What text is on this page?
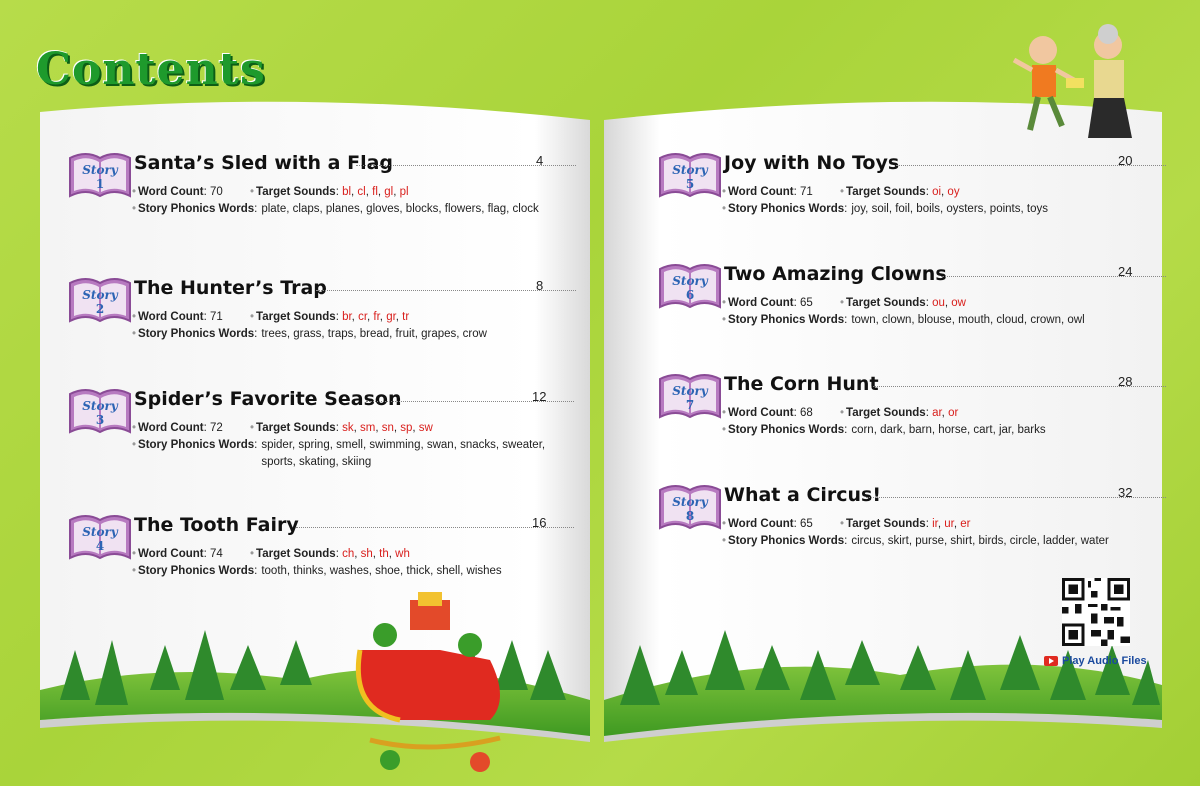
Contents
Story
1
Santa’s Sled with a Flag	4
• Word Count: 70	• Target Sounds: bl, cl, fl, gl, pl
• Story Phonics Words: plate, claps, planes, gloves, blocks, flowers, flag, clock
Story
2
The Hunter’s Trap	8
• Word Count: 71	• Target Sounds: br, cr, fr, gr, tr
• Story Phonics Words: trees, grass, traps, bread, fruit, grapes, crow
Story
3
Spider’s Favorite Season	12
• Word Count: 72	• Target Sounds: sk, sm, sn, sp, sw
• Story Phonics Words: spider, spring, smell, swimming, swan, snacks, sweater, sports, skating, skiing
Story
4
The Tooth Fairy	16
• Word Count: 74	• Target Sounds: ch, sh, th, wh
• Story Phonics Words: tooth, thinks, washes, shoe, thick, shell, wishes
Story
5
Joy with No Toys	20
• Word Count: 71	• Target Sounds: oi, oy
• Story Phonics Words: joy, soil, foil, boils, oysters, points, toys
Story
6
Two Amazing Clowns	24
• Word Count: 65	• Target Sounds: ou, ow
• Story Phonics Words: town, clown, blouse, mouth, cloud, crown, owl
Story
7
The Corn Hunt	28
• Word Count: 68	• Target Sounds: ar, or
• Story Phonics Words: corn, dark, barn, horse, cart, jar, barks
Story
8
What a Circus!	32
• Word Count: 65	• Target Sounds: ir, ur, er
• Story Phonics Words: circus, skirt, purse, shirt, birds, circle, ladder, water
Play Audio Files
